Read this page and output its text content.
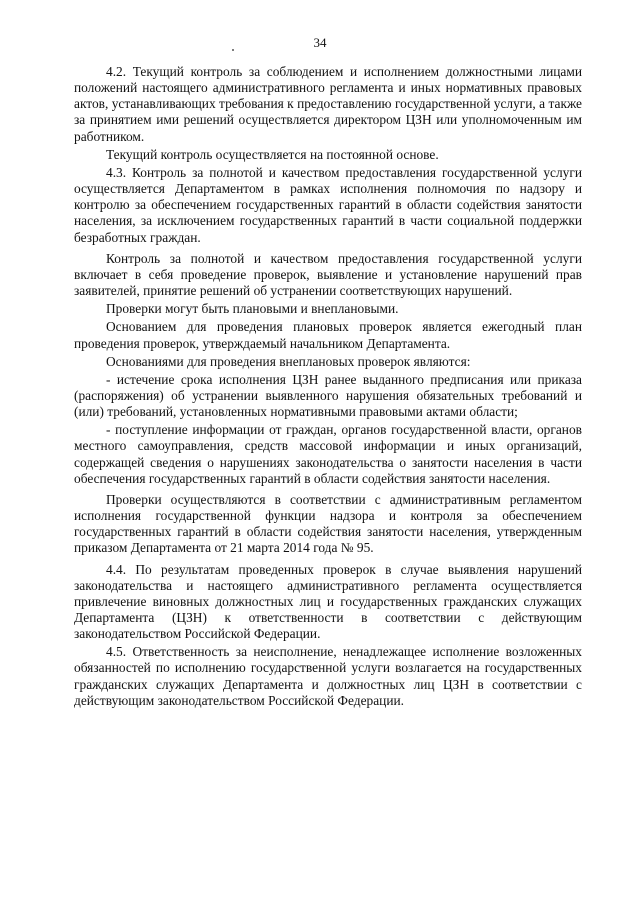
34

4.2. Текущий контроль за соблюдением и исполнением должностными лицами положений настоящего административного регламента и иных нормативных правовых актов, устанавливающих требования к предоставлению государственной услуги, а также за принятием ими решений осуществляется директором ЦЗН или уполномоченным им работником.

Текущий контроль осуществляется на постоянной основе.

4.3. Контроль за полнотой и качеством предоставления государственной услуги осуществляется Департаментом в рамках исполнения полномочия по надзору и контролю за обеспечением государственных гарантий в области содействия занятости населения, за исключением государственных гарантий в части социальной поддержки безработных граждан.

Контроль за полнотой и качеством предоставления государственной услуги включает в себя проведение проверок, выявление и установление нарушений прав заявителей, принятие решений об устранении соответствующих нарушений.

Проверки могут быть плановыми и внеплановыми.

Основанием для проведения плановых проверок является ежегодный план проведения проверок, утверждаемый начальником Департамента.

Основаниями для проведения внеплановых проверок являются:

- истечение срока исполнения ЦЗН ранее выданного предписания или приказа (распоряжения) об устранении выявленного нарушения обязательных требований и (или) требований, установленных нормативными правовыми актами области;

- поступление информации от граждан, органов государственной власти, органов местного самоуправления, средств массовой информации и иных организаций, содержащей сведения о нарушениях законодательства о занятости населения в части обеспечения государственных гарантий в области содействия занятости населения.

Проверки осуществляются в соответствии с административным регламентом исполнения государственной функции надзора и контроля за обеспечением государственных гарантий в области содействия занятости населения, утвержденным приказом Департамента от 21 марта 2014 года № 95.

4.4. По результатам проведенных проверок в случае выявления нарушений законодательства и настоящего административного регламента осуществляется привлечение виновных должностных лиц и государственных гражданских служащих Департамента (ЦЗН) к ответственности в соответствии с действующим законодательством Российской Федерации.

4.5. Ответственность за неисполнение, ненадлежащее исполнение возложенных обязанностей по исполнению государственной услуги возлагается на государственных гражданских служащих Департамента и должностных лиц ЦЗН в соответствии с действующим законодательством Российской Федерации.
